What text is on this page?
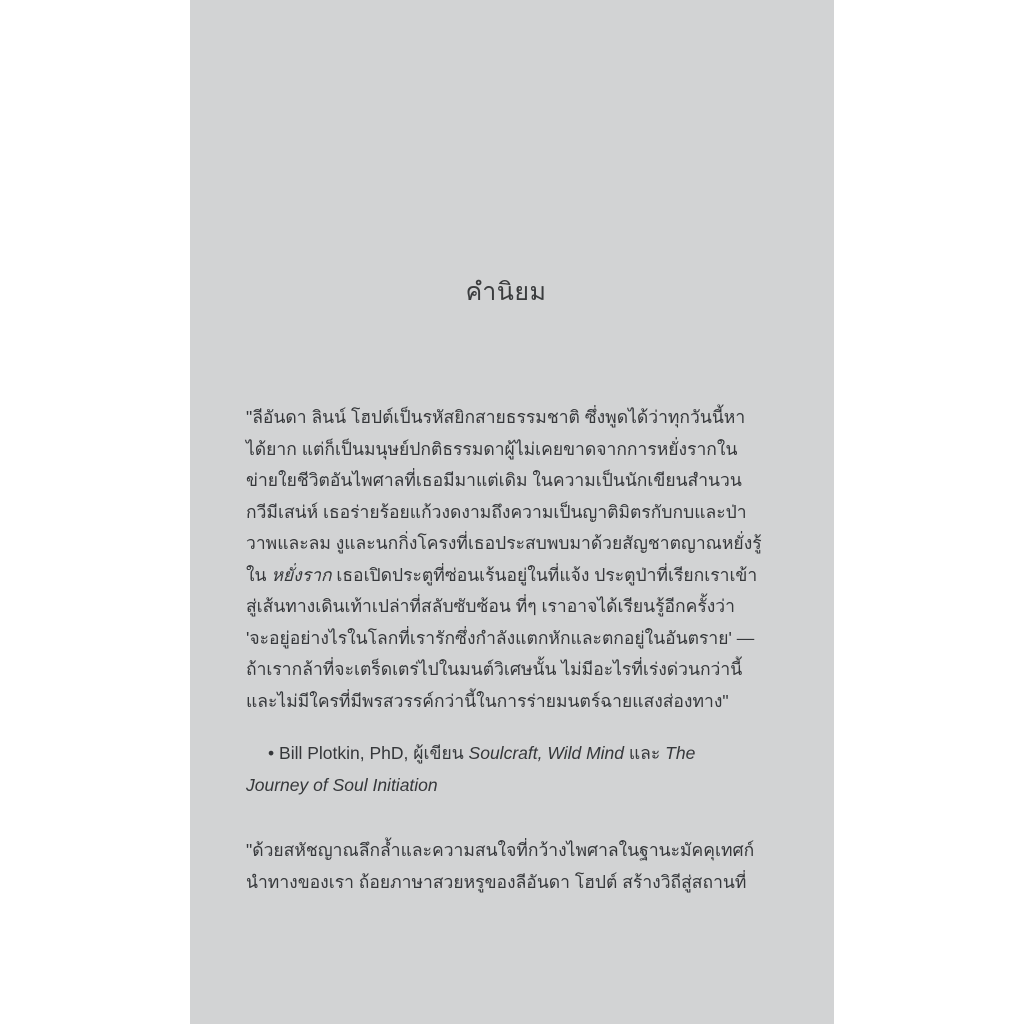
คำนิยม
"ลีอันดา ลินน์ โฮปต์เป็นรหัสยิกสายธรรมชาติ ซึ่งพูดได้ว่าทุกวันนี้หาได้ยาก แต่ก็เป็นมนุษย์ปกติธรรมดาผู้ไม่เคยขาดจากการหยั่งรากในข่ายใยชีวิตอันไพศาลที่เธอมีมาแต่เดิม ในความเป็นนักเขียนสำนวนกวีมีเสน่ห์ เธอร่ายร้อยแก้วงดงามถึงความเป็นญาติมิตรกับกบและป่า วาพและลม งูและนกกิ่งโครงที่เธอประสบพบมาด้วยสัญชาตญาณหยั่งรู้ ใน หยั่งราก เธอเปิดประตูที่ซ่อนเร้นอยู่ในที่แจ้ง ประตูป่าที่เรียกเราเข้าสู่เส้นทางเดินเท้าเปล่าที่สลับซับซ้อน ที่ๆ เราอาจได้เรียนรู้อีกครั้งว่า 'จะอยู่อย่างไรในโลกที่เรารักซึ่งกำลังแตกหักและตกอยู่ในอันตราย' — ถ้าเรากล้าที่จะเตร็ดเตร่ไปในมนต์วิเศษนั้น ไม่มีอะไรที่เร่งด่วนกว่านี้ และไม่มีใครที่มีพรสวรรค์กว่านี้ในการร่ายมนตร์ฉายแสงส่องทาง"
• Bill Plotkin, PhD, ผู้เขียน Soulcraft, Wild Mind และ The Journey of Soul Initiation
"ด้วยสหัชญาณลึกล้ำและความสนใจที่กว้างไพศาลในฐานะมัคคุเทศก์นำทางของเรา ถ้อยภาษาสวยหรูของลีอันดา โฮปต์ สร้างวิถีสู่สถานที่
